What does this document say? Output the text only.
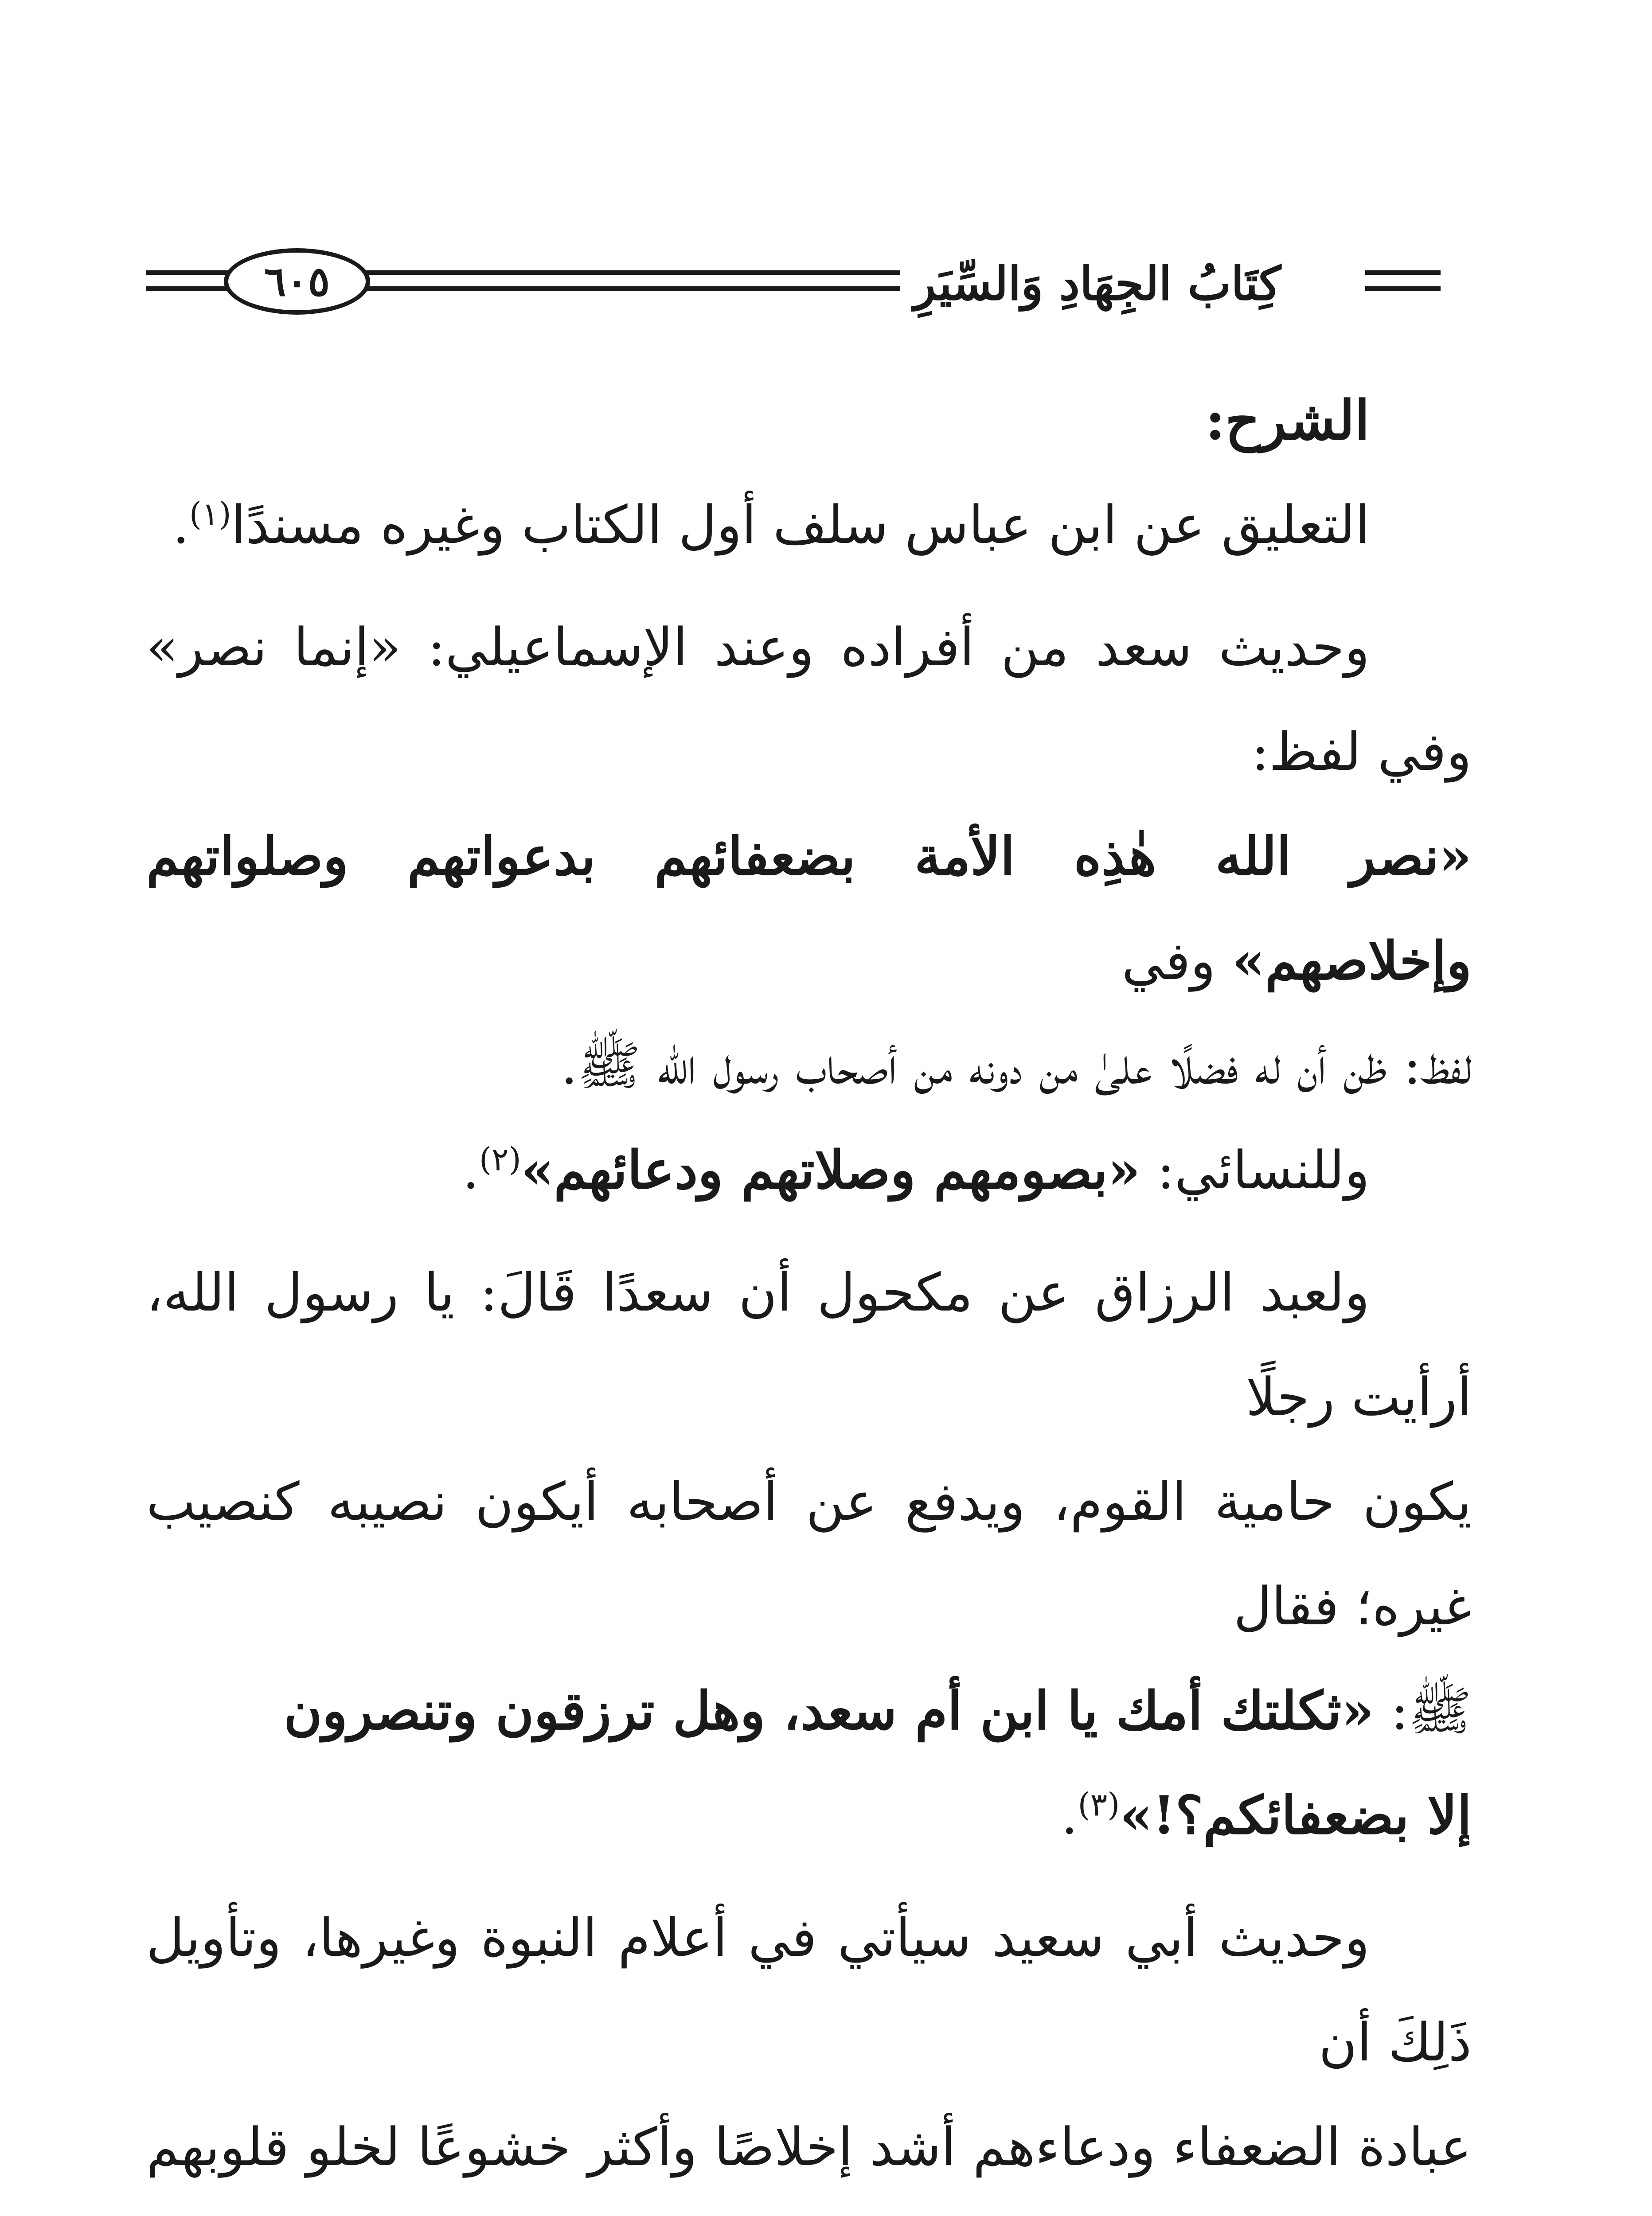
٦٠٥	كِتَابُ الجِهَادِ وَالسِّيَرِ

الشرح:

التعليق عن ابن عباس سلف أول الكتاب وغيره مسندًا$^{(١)}$.

وحديث سعد من أفراده وعند الإسماعيلي: «إنما نصر» وفي لفظ:

«نصر الله هٰذِه الأمة بضعفائهم بدعواتهم وصلواتهم وإخلاصهم» وفي

لفظ: ظن أن له فضلًا علىٰ من دونه من أصحاب رسول الله ﷺ.

وللنسائي: «بصومهم وصلاتهم ودعائهم»$^{(٢)}$.

ولعبد الرزاق عن مكحول أن سعدًا قَالَ: يا رسول الله، أرأيت رجلًا

يكون حامية القوم، ويدفع عن أصحابه أيكون نصيبه كنصيب غيره؛ فقال

ﷺ: «ثكلتك أمك يا ابن أم سعد، وهل ترزقون وتنصرون

إلا بضعفائكم؟!»$^{(٣)}$.

وحديث أبي سعيد سيأتي في أعلام النبوة وغيرها، وتأويل ذَلِكَ أن

عبادة الضعفاء ودعاءهم أشد إخلاصًا وأكثر خشوعًا لخلو قلوبهم
